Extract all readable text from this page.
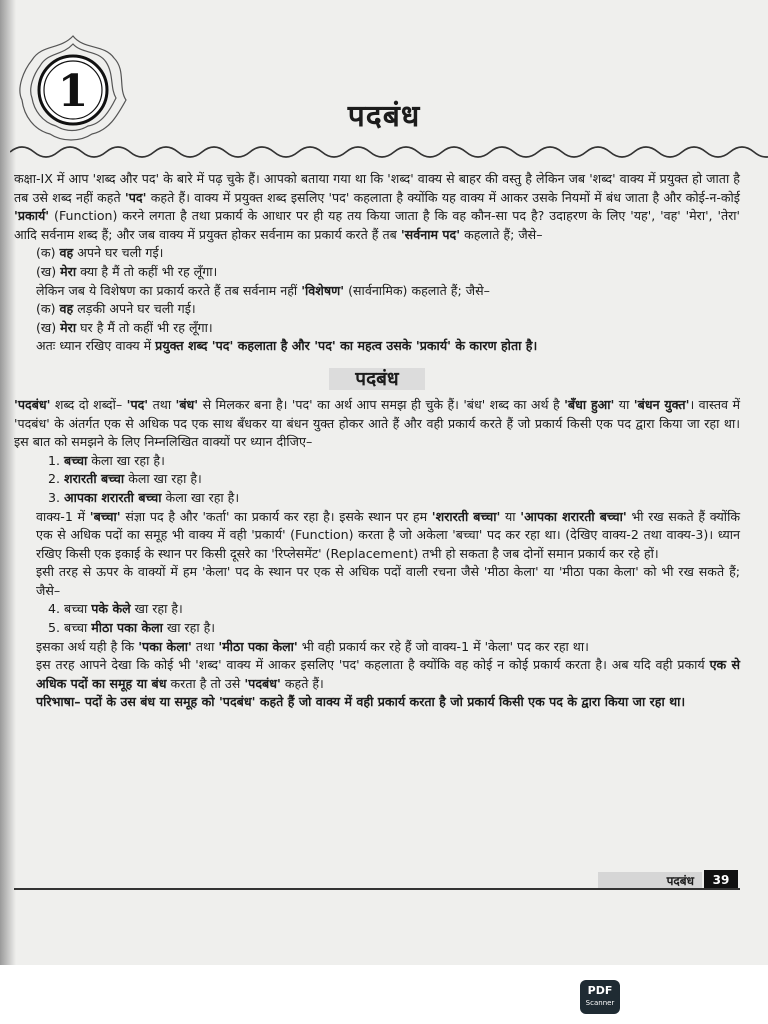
1	पदबंध

कक्षा-IX में आप 'शब्द और पद' के बारे में पढ़ चुके हैं। आपको बताया गया था कि 'शब्द' वाक्य से बाहर की वस्तु है लेकिन जब 'शब्द' वाक्य में प्रयुक्त हो जाता है तब उसे शब्द नहीं कहते 'पद' कहते हैं। वाक्य में प्रयुक्त शब्द इसलिए 'पद' कहलाता है क्योंकि यह वाक्य में आकर उसके नियमों में बंध जाता है और कोई-न-कोई 'प्रकार्य' (Function) करने लगता है तथा प्रकार्य के आधार पर ही यह तय किया जाता है कि वह कौन-सा पद है? उदाहरण के लिए 'यह', 'वह' 'मेरा', 'तेरा' आदि सर्वनाम शब्द हैं; और जब वाक्य में प्रयुक्त होकर सर्वनाम का प्रकार्य करते हैं तब 'सर्वनाम पद' कहलाते हैं; जैसे–

(क) वह अपने घर चली गई।

(ख) मेरा क्या है मैं तो कहीं भी रह लूँगा।

लेकिन जब ये विशेषण का प्रकार्य करते हैं तब सर्वनाम नहीं 'विशेषण' (सार्वनामिक) कहलाते हैं; जैसे–

(क) वह लड़की अपने घर चली गई।

(ख) मेरा घर है मैं तो कहीं भी रह लूँगा।

अतः ध्यान रखिए वाक्य में प्रयुक्त शब्द 'पद' कहलाता है और 'पद' का महत्व उसके 'प्रकार्य' के कारण होता है।

पदबंध

'पदबंध' शब्द दो शब्दों– 'पद' तथा 'बंध' से मिलकर बना है। 'पद' का अर्थ आप समझ ही चुके हैं। 'बंध' शब्द का अर्थ है 'बँधा हुआ' या 'बंधन युक्त'। वास्तव में 'पदबंध' के अंतर्गत एक से अधिक पद एक साथ बँधकर या बंधन युक्त होकर आते हैं और वही प्रकार्य करते हैं जो प्रकार्य किसी एक पद द्वारा किया जा रहा था। इस बात को समझने के लिए निम्नलिखित वाक्यों पर ध्यान दीजिए–

1. बच्चा केला खा रहा है।

2. शरारती बच्चा केला खा रहा है।

3. आपका शरारती बच्चा केला खा रहा है।

वाक्य-1 में 'बच्चा' संज्ञा पद है और 'कर्ता' का प्रकार्य कर रहा है। इसके स्थान पर हम 'शरारती बच्चा' या 'आपका शरारती बच्चा' भी रख सकते हैं क्योंकि एक से अधिक पदों का समूह भी वाक्य में वही 'प्रकार्य' (Function) करता है जो अकेला 'बच्चा' पद कर रहा था। (देखिए वाक्य-2 तथा वाक्य-3)। ध्यान रखिए किसी एक इकाई के स्थान पर किसी दूसरे का 'रिप्लेसमेंट' (Replacement) तभी हो सकता है जब दोनों समान प्रकार्य कर रहे हों।

इसी तरह से ऊपर के वाक्यों में हम 'केला' पद के स्थान पर एक से अधिक पदों वाली रचना जैसे 'मीठा केला' या 'मीठा पका केला' को भी रख सकते हैं; जैसे–

4. बच्चा पके केले खा रहा है।

5. बच्चा मीठा पका केला खा रहा है।

इसका अर्थ यही है कि 'पका केला' तथा 'मीठा पका केला' भी वही प्रकार्य कर रहे हैं जो वाक्य-1 में 'केला' पद कर रहा था।

इस तरह आपने देखा कि कोई भी 'शब्द' वाक्य में आकर इसलिए 'पद' कहलाता है क्योंकि वह कोई न कोई प्रकार्य करता है। अब यदि वही प्रकार्य एक से अधिक पदों का समूह या बंध करता है तो उसे 'पदबंध' कहते हैं।

परिभाषा– पदों के उस बंध या समूह को 'पदबंध' कहते हैं जो वाक्य में वही प्रकार्य करता है जो प्रकार्य किसी एक पद के द्वारा किया जा रहा था।

पदबंध	39
PDF
Scanner
